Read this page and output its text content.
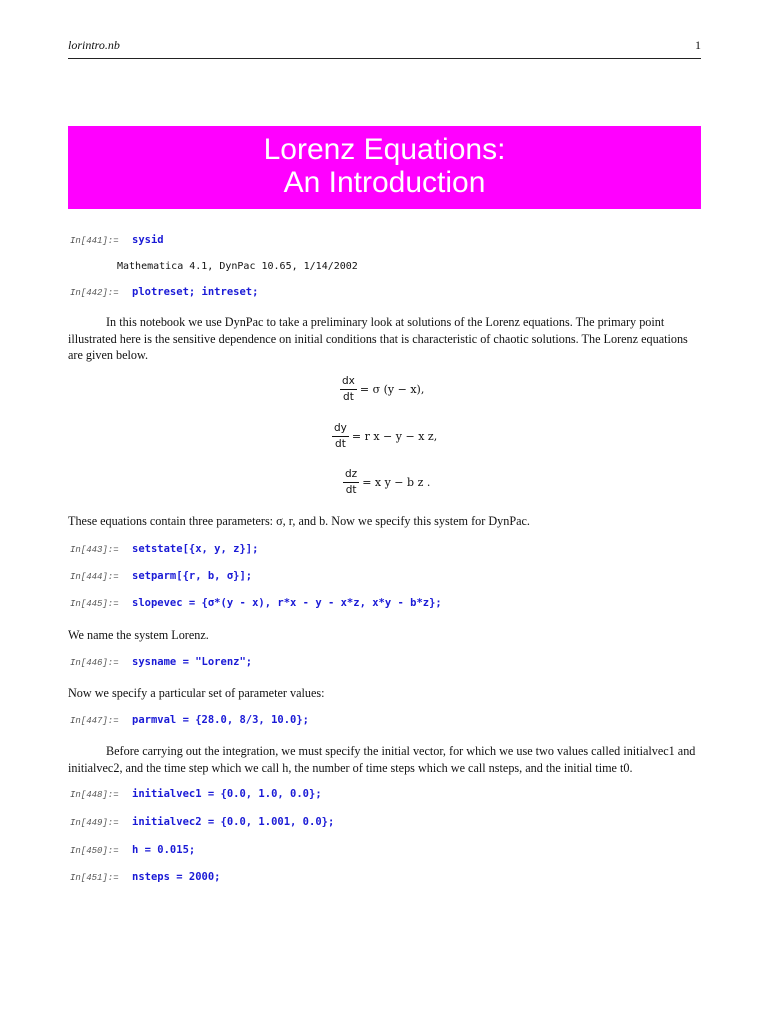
lorintro.nb	1
Lorenz Equations:
An Introduction
In[441]:= sysid
Mathematica 4.1, DynPac 10.65, 1/14/2002
In[442]:= plotreset; intreset;
In this notebook we use DynPac to take a preliminary look at solutions of the Lorenz equations. The primary point illustrated here is the sensitive dependence on initial conditions that is characteristic of chaotic solutions. The Lorenz equations are given below.
$\frac{dx}{dt} = \sigma$ (y − x),
$\frac{dy}{dt} = r$ x − y − x z,
$\frac{dz}{dt} = x$ y − b z .
These equations contain three parameters: σ, r, and b. Now we specify this system for DynPac.
In[443]:= setstate[{x, y, z}];
In[444]:= setparm[{r, b, σ}];
In[445]:= slopevec = {σ*(y - x), r*x - y - x*z, x*y - b*z};
We name the system Lorenz.
In[446]:= sysname = "Lorenz";
Now we specify a particular set of parameter values:
In[447]:= parmval = {28.0, 8/3, 10.0};
Before carrying out the integration, we must specify the initial vector, for which we use two values called initialvec1 and initialvec2, and the time step which we call h, the number of time steps which we call nsteps, and the initial time t0.
In[448]:= initialvec1 = {0.0, 1.0, 0.0};
In[449]:= initialvec2 = {0.0, 1.001, 0.0};
In[450]:= h = 0.015;
In[451]:= nsteps = 2000;
